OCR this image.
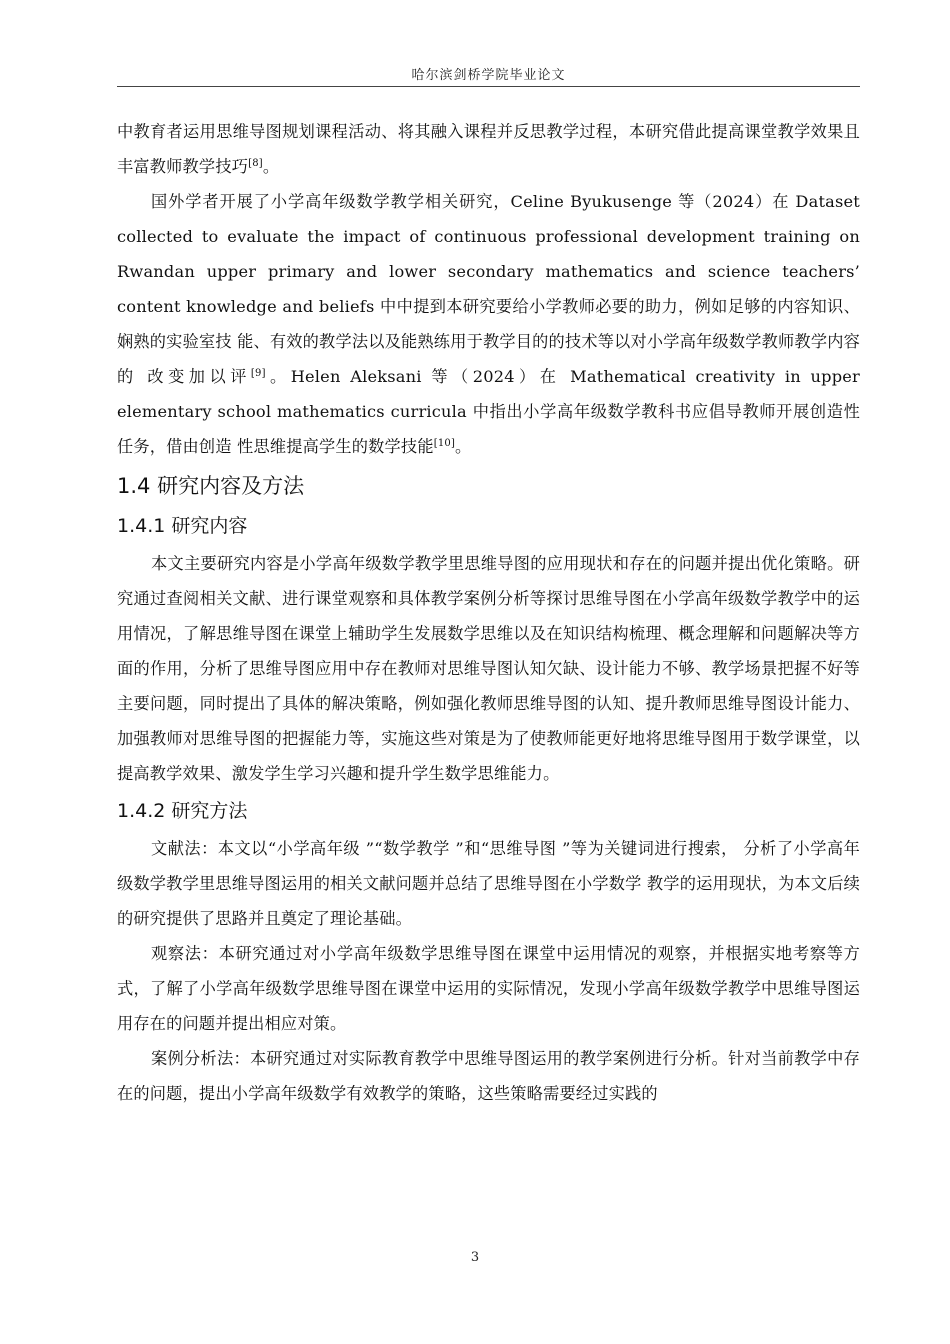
哈尔滨剑桥学院毕业论文

中教育者运用思维导图规划课程活动、将其融入课程并反思教学过程，本研究借此提高课堂教学效果且丰富教师教学技巧[8]。

国外学者开展了小学高年级数学教学相关研究，Celine Byukusenge 等（2024）在 Dataset collected to evaluate the impact of continuous professional development training on Rwandan upper primary and lower secondary mathematics and science teachers’ content knowledge and beliefs 中中提到本研究要给小学教师必要的助力，例如足够的内容知识、娴熟的实验室技 能、有效的教学法以及能熟练用于教学目的的技术等以对小学高年级数学教师教学内容的 改变加以评[9]。Helen Aleksani 等（2024）在 Mathematical creativity in upper elementary school mathematics curricula 中指出小学高年级数学教科书应倡导教师开展创造性任务，借由创造 性思维提高学生的数学技能[10]。

1.4 研究内容及方法
1.4.1 研究内容

本文主要研究内容是小学高年级数学教学里思维导图的应用现状和存在的问题并提出优化策略。研究通过查阅相关文献、进行课堂观察和具体教学案例分析等探讨思维导图在小学高年级数学教学中的运用情况，了解思维导图在课堂上辅助学生发展数学思维以及在知识结构梳理、概念理解和问题解决等方面的作用，分析了思维导图应用中存在教师对思维导图认知欠缺、设计能力不够、教学场景把握不好等主要问题，同时提出了具体的解决策略，例如强化教师思维导图的认知、提升教师思维导图设计能力、加强教师对思维导图的把握能力等，实施这些对策是为了使教师能更好地将思维导图用于数学课堂，以提高教学效果、激发学生学习兴趣和提升学生数学思维能力。

1.4.2 研究方法

文献法：本文以“小学高年级 ”“数学教学 ”和“思维导图 ”等为关键词进行搜索， 分析了小学高年级数学教学里思维导图运用的相关文献问题并总结了思维导图在小学数学 教学的运用现状，为本文后续的研究提供了思路并且奠定了理论基础。

观察法：本研究通过对小学高年级数学思维导图在课堂中运用情况的观察，并根据实地考察等方式，了解了小学高年级数学思维导图在课堂中运用的实际情况，发现小学高年级数学教学中思维导图运用存在的问题并提出相应对策。

案例分析法：本研究通过对实际教育教学中思维导图运用的教学案例进行分析。针对当前教学中存在的问题，提出小学高年级数学有效教学的策略，这些策略需要经过实践的

3
